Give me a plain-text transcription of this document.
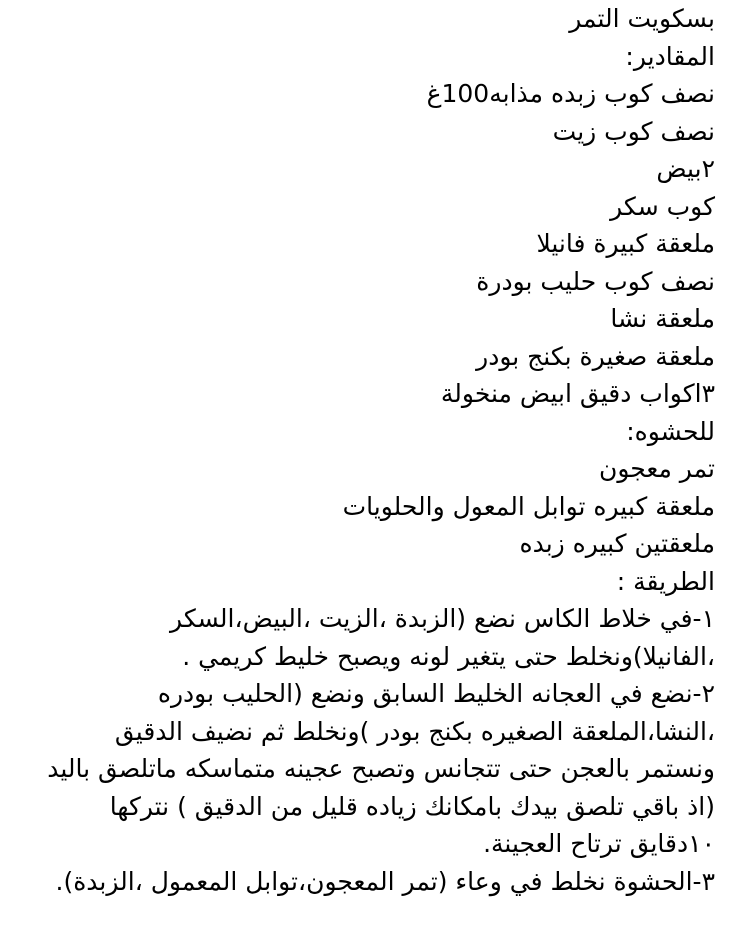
بسكويت التمر

المقادير:

نصف كوب زبده مذابه100غ

نصف كوب زيت

٢بيض

كوب سكر

ملعقة كبيرة فانيلا

نصف كوب حليب بودرة

ملعقة نشا

ملعقة صغيرة بكنج بودر

٣اكواب دقيق ابيض منخولة

للحشوه:

تمر معجون

ملعقة كبيره توابل المعول والحلويات

ملعقتين كبيره زبده

الطريقة :

١-في خلاط الكاس نضع (الزبدة ،الزيت ،البيض،السكر ،الفانيلا)ونخلط حتى يتغير لونه ويصبح خليط كريمي .

٢-نضع في العجانه الخليط السابق ونضع (الحليب بودره ،النشا،الملعقة الصغيره بكنج بودر )ونخلط ثم نضيف الدقيق ونستمر بالعجن حتى تتجانس وتصبح عجينه متماسكه ماتلصق باليد (اذ باقي تلصق بيدك بامكانك زياده قليل من الدقيق ) نتركها ١٠دقايق ترتاح العجينة.

٣-الحشوة نخلط في وعاء (تمر المعجون،توابل المعمول ،الزبدة).
